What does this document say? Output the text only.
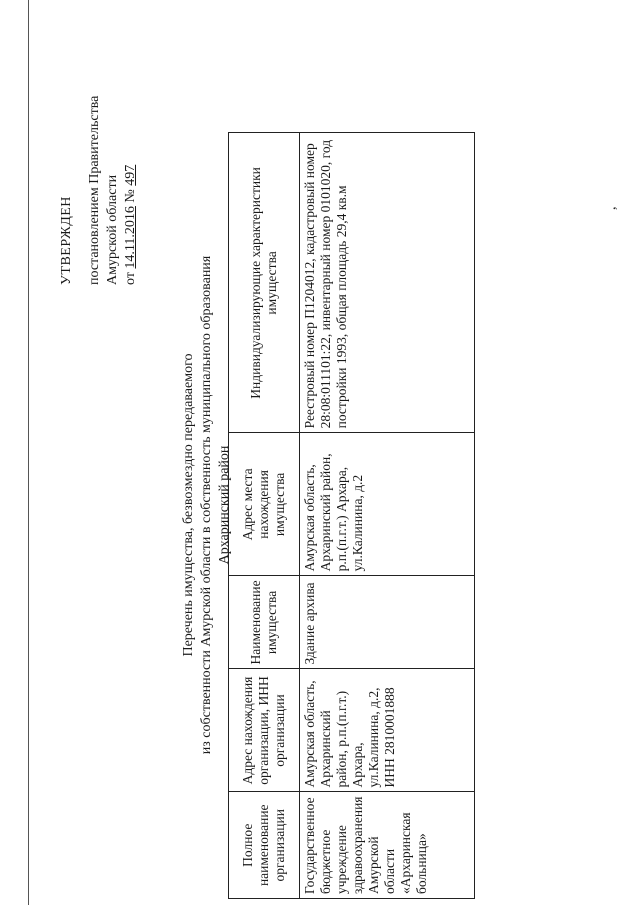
УТВЕРЖДЕН постановлением Правительства Амурской области от 14.11.2016 № 497
Перечень имущества, безвозмездно передаваемого из собственности Амурской области в собственность муниципального образования Архаринский район
Полное наименование организации	Адрес нахождения организации, ИНН организации	Наименование имущества	Адрес места нахождения имущества	Индивидуализирующие характеристики имущества
Государственное бюджетное учреждение здравоохранения Амурской области «Архаринская больница»	Амурская область, Архаринский район, р.п.(п.г.т.) Архара, ул.Калинина, д.2, ИНН 2810001888	Здание архива	Амурская область, Архаринский район, р.п.(п.г.т.) Архара, ул.Калинина, д.2	Реестровый номер П1204012, кадастровый номер 28:08:011101:22, инвентарный номер 0101020, год постройки 1993, общая площадь 29,4 кв.м	,
